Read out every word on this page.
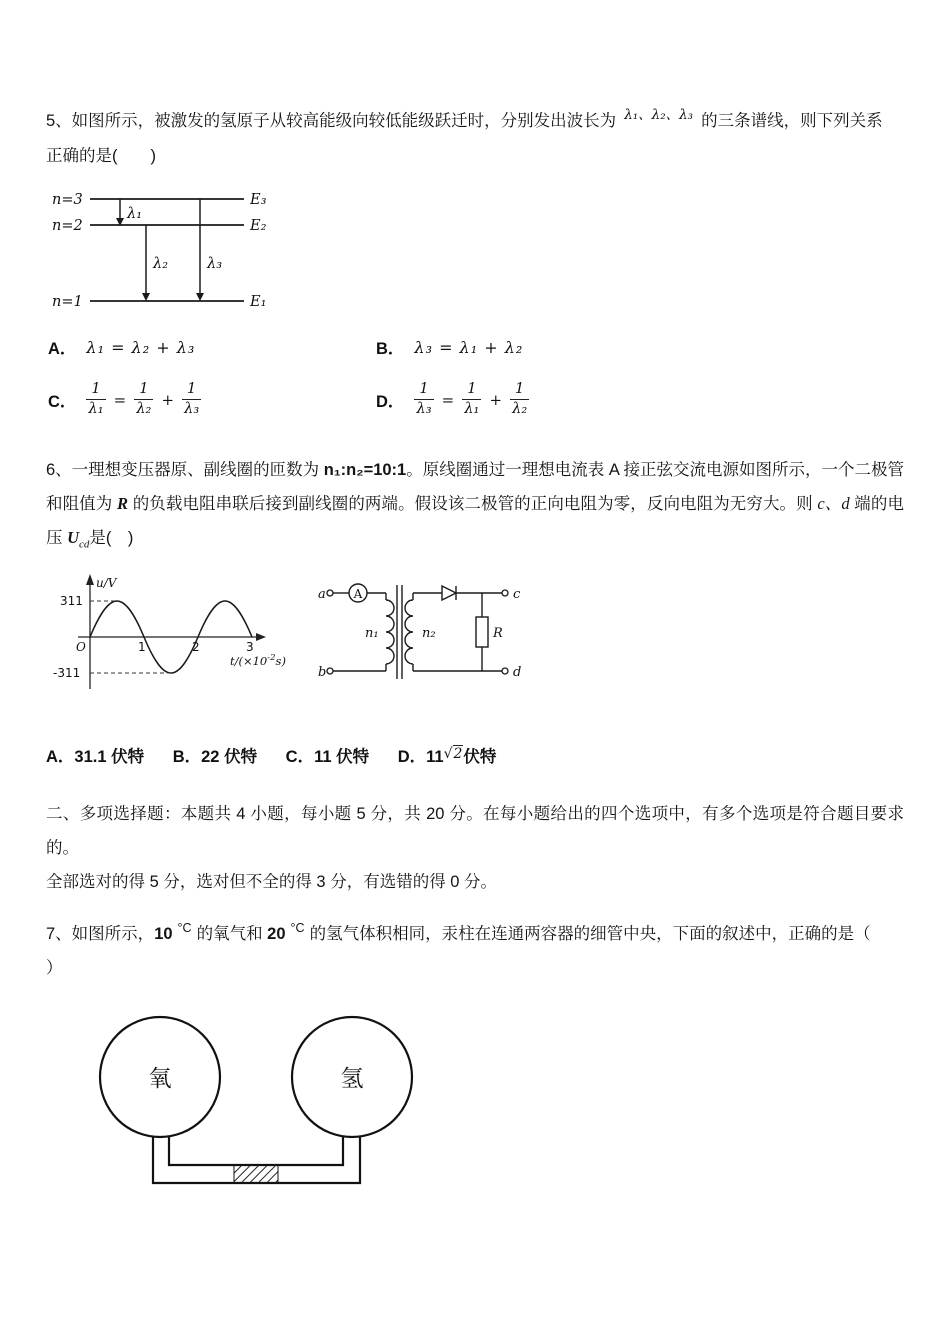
5、如图所示，被激发的氢原子从较高能级向较低能级跃迁时，分别发出波长为 $^{\lambda_1、\lambda_2、\lambda_3}$ 的三条谱线，则下列关系

正确的是(　　)

n=3
n=2
n=1
E₃
E₂
E₁
λ₁
λ₂	λ₃
A． λ₁ = λ₂ + λ₃	B． λ₃ = λ₁ + λ₂
C． $\frac{1}{\text{λ₁}} = \frac{1}{\text{λ₂}} + \frac{1}{\text{λ₃}}$	D． $\frac{1}{\text{λ₃}} = \frac{1}{\text{λ₁}} + \frac{1}{\text{λ₂}}$

6、一理想变压器原、副线圈的匝数为 n₁:n₂=10:1。原线圈通过一理想电流表 A 接正弦交流电源如图所示，一个二极管和阻值为 R 的负载电阻串联后接到副线圈的两端。假设该二极管的正向电阻为零，反向电阻为无穷大。则 c、d 端的电压 $U_{cd}$是(　)

u/V
311
-311
O	1	2	3
$t/(\times 10^{-2}s)$
a
b
c
d
A
n₁	n₂	R

A．31.1 伏特 B．22 伏特 C．11 伏特 D．$11^{√2}$伏特

二、多项选择题：本题共 4 小题，每小题 5 分，共 20 分。在每小题给出的四个选项中，有多个选项是符合题目要求的。

全部选对的得 5 分，选对但不全的得 3 分，有选错的得 0 分。

7、如图所示，10 $^{^\circ C}$ 的氧气和 20 $^{^\circ C}$ 的氢气体积相同，汞柱在连通两容器的细管中央，下面的叙述中，正确的是（

）

氧	氢
